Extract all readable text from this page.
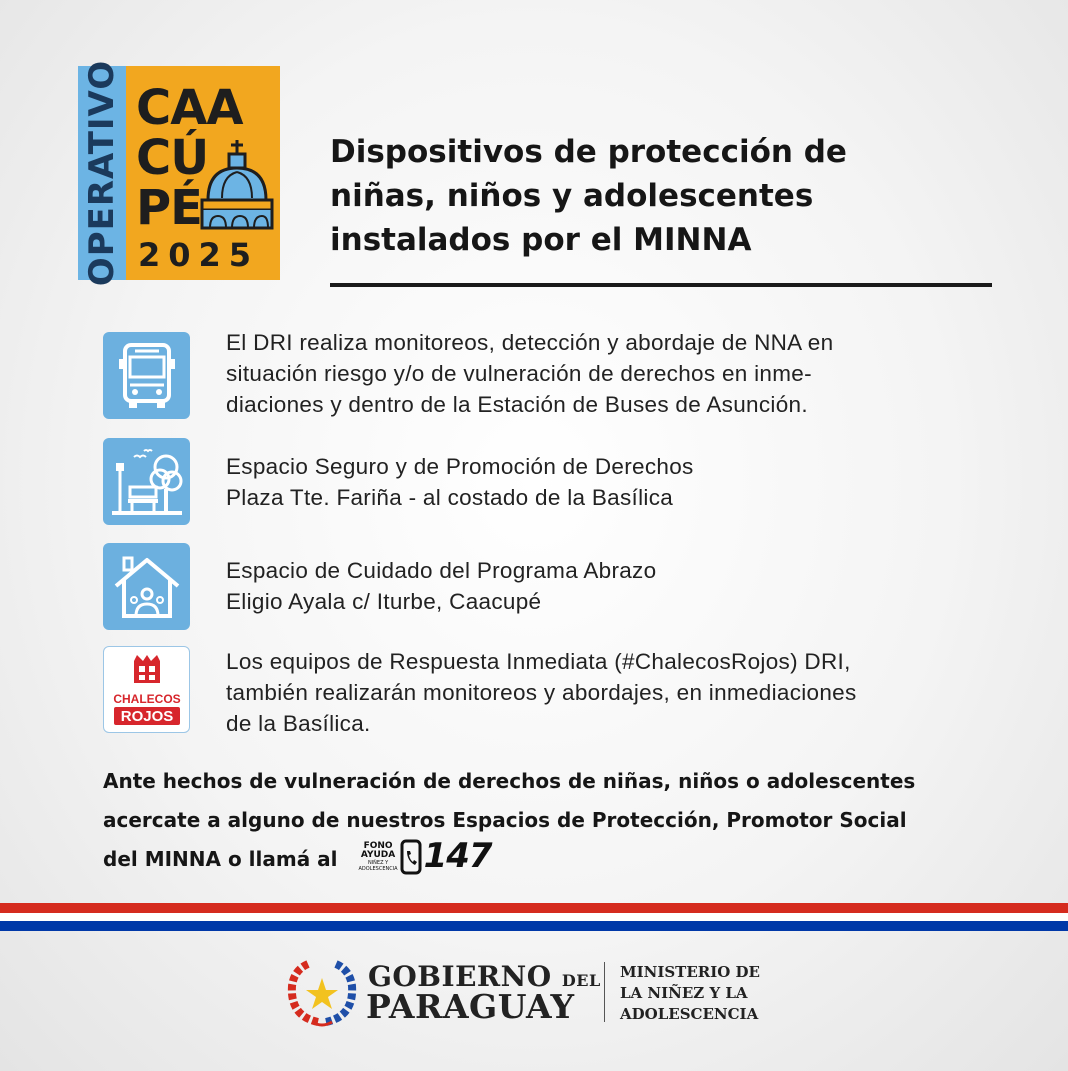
OPERATIVO CAA
CÚ
PÉ
2025
Dispositivos de protección de
niñas, niños y adolescentes
instalados por el MINNA

El DRI realiza monitoreos, detección y abordaje de NNA en
situación riesgo y/o de vulneración de derechos en inme-
diaciones y dentro de la Estación de Buses de Asunción.

Espacio Seguro y de Promoción de Derechos
Plaza Tte. Fariña - al costado de la Basílica

Espacio de Cuidado del Programa Abrazo
Eligio Ayala c/ Iturbe, Caacupé

CHALECOS
ROJOS

Los equipos de Respuesta Inmediata (#ChalecosRojos) DRI,
también realizarán monitoreos y abordajes, en inmediaciones
de la Basílica.

Ante hechos de vulneración de derechos de niñas, niños o adolescentes
acercate a alguno de nuestros Espacios de Protección, Promotor Social
del MINNA o llamá al
FONO
AYUDA
NIÑEZ Y
ADOLESCENCIA 147

GOBIERNO DEL
PARAGUAY

MINISTERIO DE
LA NIÑEZ Y LA
ADOLESCENCIA
